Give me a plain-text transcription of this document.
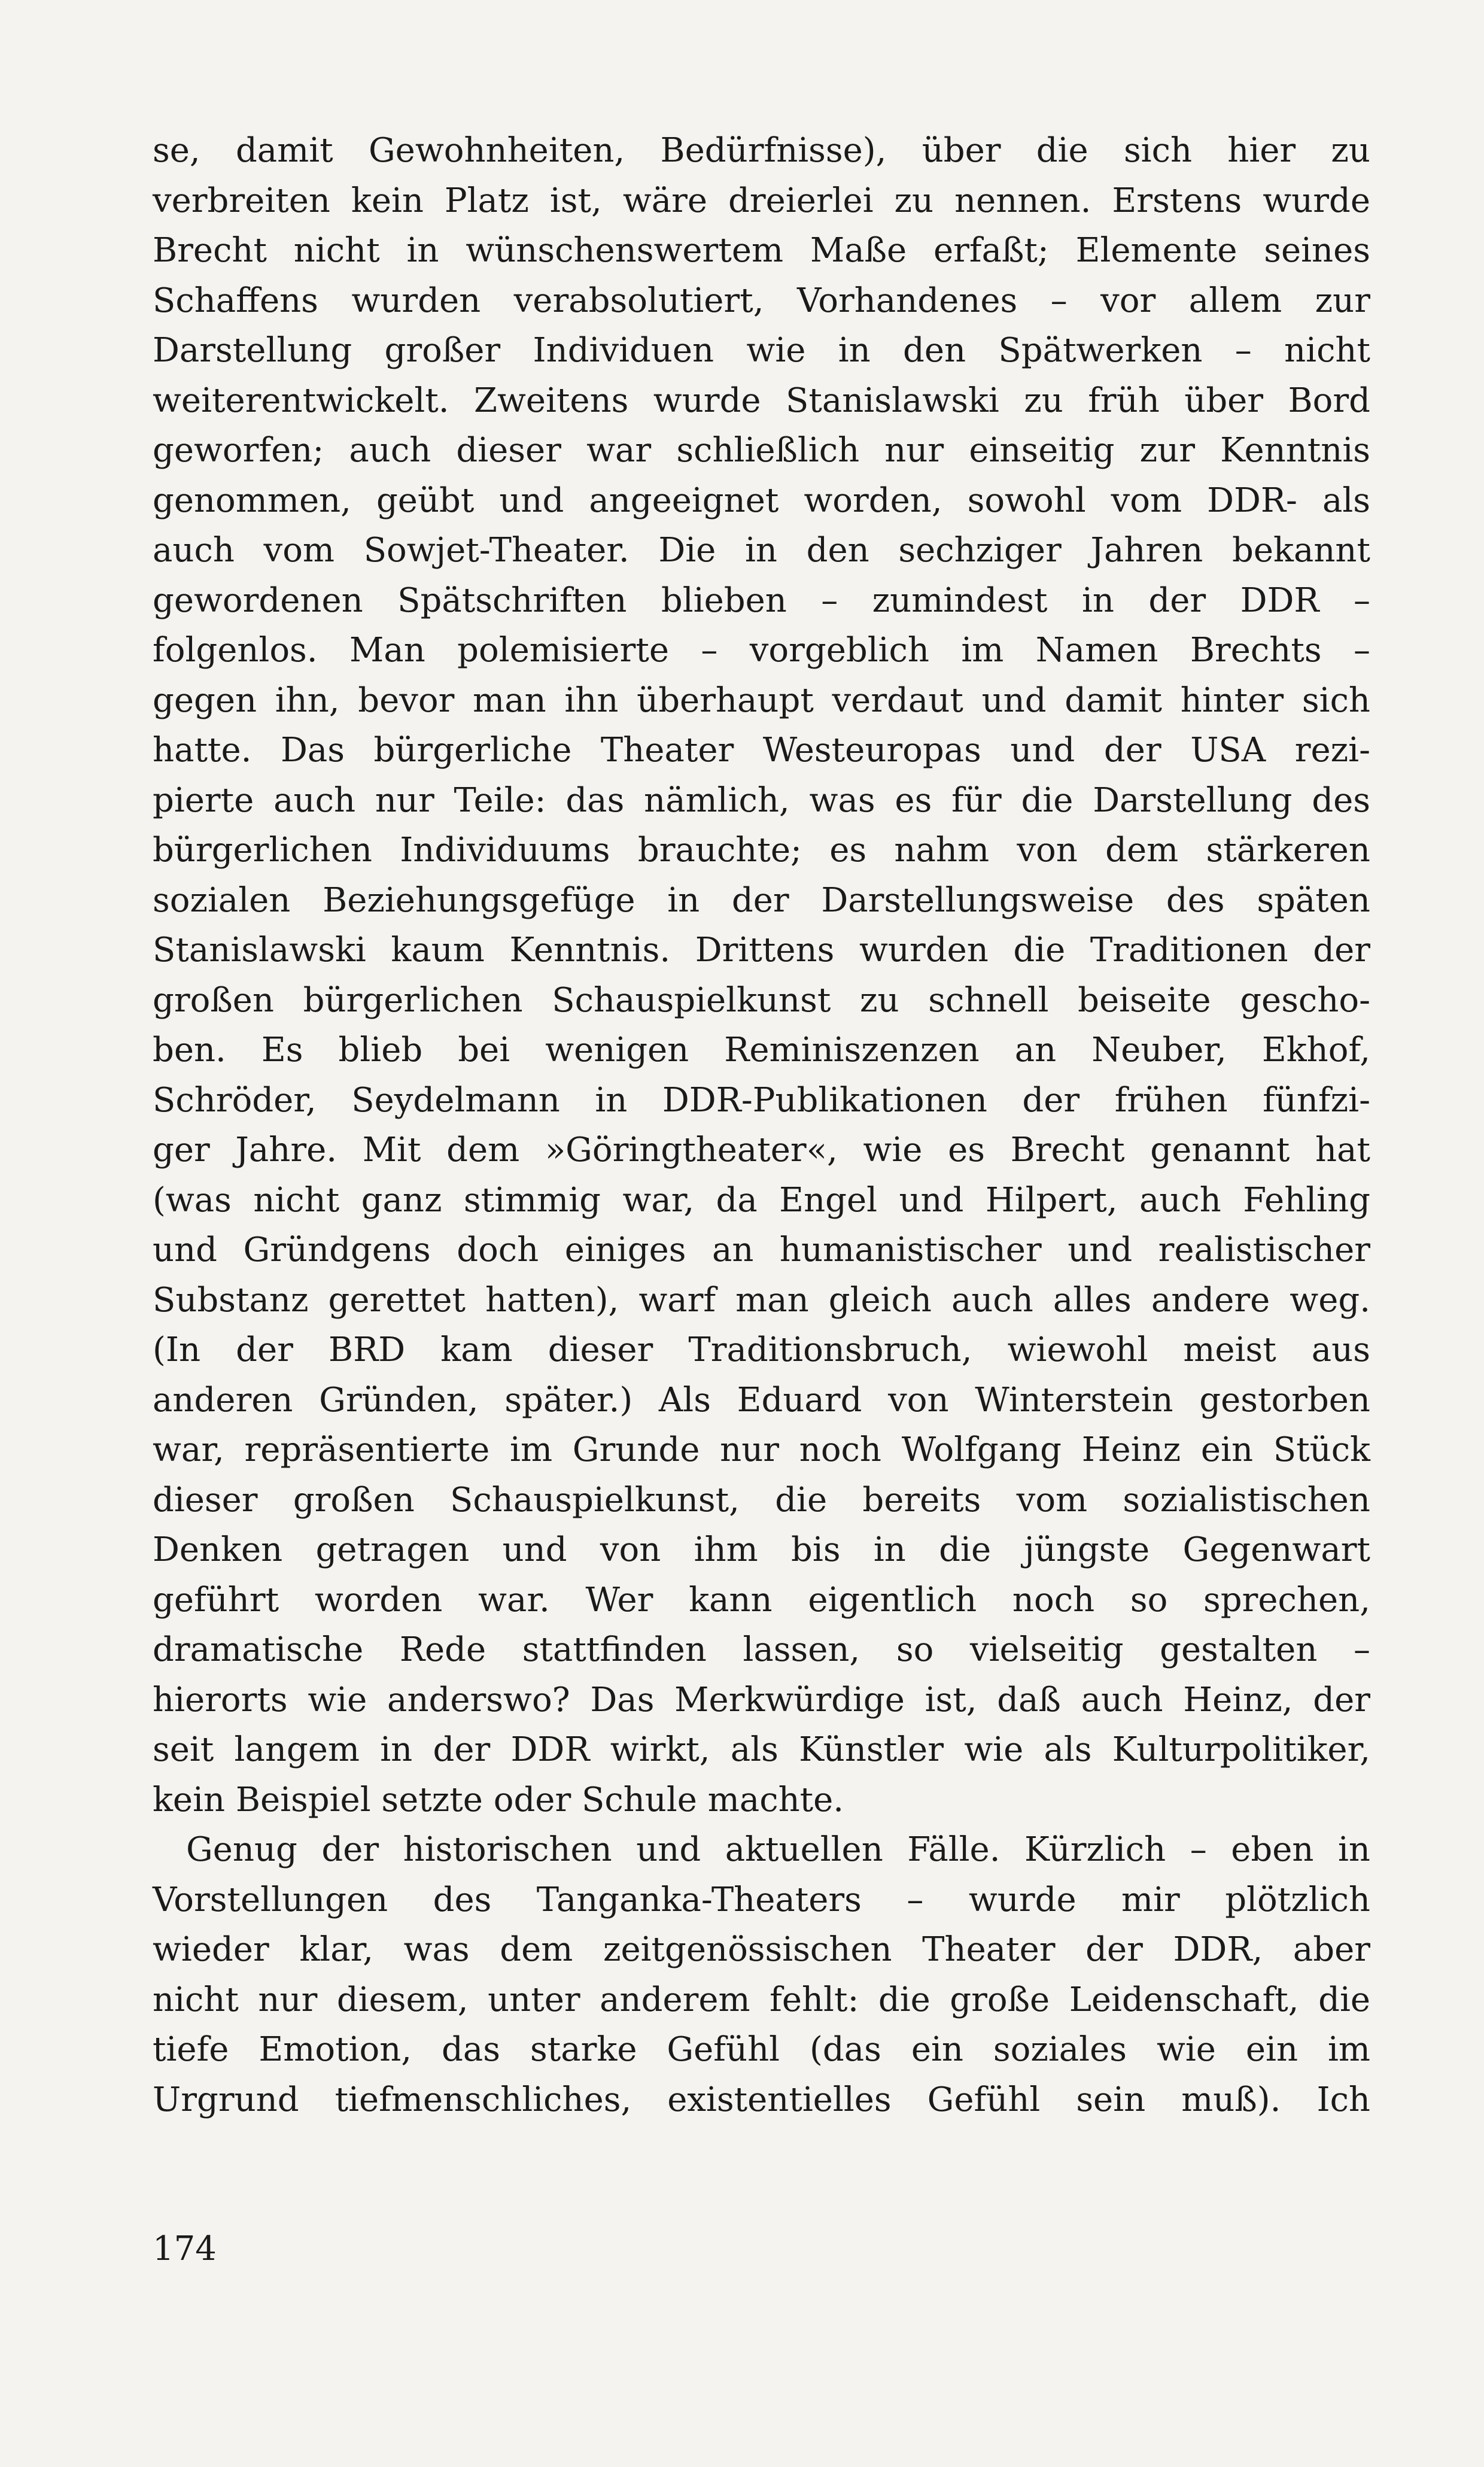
se, damit Gewohnheiten, Bedürfnisse), über die sich hier zu
verbreiten kein Platz ist, wäre dreierlei zu nennen. Erstens wurde
Brecht nicht in wünschenswertem Maße erfaßt; Elemente seines
Schaffens wurden verabsolutiert, Vorhandenes – vor allem zur
Darstellung großer Individuen wie in den Spätwerken – nicht
weiterentwickelt. Zweitens wurde Stanislawski zu früh über Bord
geworfen; auch dieser war schließlich nur einseitig zur Kenntnis
genommen, geübt und angeeignet worden, sowohl vom DDR- als
auch vom Sowjet-Theater. Die in den sechziger Jahren bekannt
gewordenen Spätschriften blieben – zumindest in der DDR –
folgenlos. Man polemisierte – vorgeblich im Namen Brechts –
gegen ihn, bevor man ihn überhaupt verdaut und damit hinter sich
hatte. Das bürgerliche Theater Westeuropas und der USA rezi-
pierte auch nur Teile: das nämlich, was es für die Darstellung des
bürgerlichen Individuums brauchte; es nahm von dem stärkeren
sozialen Beziehungsgefüge in der Darstellungsweise des späten
Stanislawski kaum Kenntnis. Drittens wurden die Traditionen der
großen bürgerlichen Schauspielkunst zu schnell beiseite gescho-
ben. Es blieb bei wenigen Reminiszenzen an Neuber, Ekhof,
Schröder, Seydelmann in DDR-Publikationen der frühen fünfzi-
ger Jahre. Mit dem »Göringtheater«, wie es Brecht genannt hat
(was nicht ganz stimmig war, da Engel und Hilpert, auch Fehling
und Gründgens doch einiges an humanistischer und realistischer
Substanz gerettet hatten), warf man gleich auch alles andere weg.
(In der BRD kam dieser Traditionsbruch, wiewohl meist aus
anderen Gründen, später.) Als Eduard von Winterstein gestorben
war, repräsentierte im Grunde nur noch Wolfgang Heinz ein Stück
dieser großen Schauspielkunst, die bereits vom sozialistischen
Denken getragen und von ihm bis in die jüngste Gegenwart
geführt worden war. Wer kann eigentlich noch so sprechen,
dramatische Rede stattfinden lassen, so vielseitig gestalten –
hierorts wie anderswo? Das Merkwürdige ist, daß auch Heinz, der
seit langem in der DDR wirkt, als Künstler wie als Kulturpolitiker,
kein Beispiel setzte oder Schule machte.
Genug der historischen und aktuellen Fälle. Kürzlich – eben in
Vorstellungen des Tanganka-Theaters – wurde mir plötzlich
wieder klar, was dem zeitgenössischen Theater der DDR, aber
nicht nur diesem, unter anderem fehlt: die große Leidenschaft, die
tiefe Emotion, das starke Gefühl (das ein soziales wie ein im
Urgrund tiefmenschliches, existentielles Gefühl sein muß). Ich
174
